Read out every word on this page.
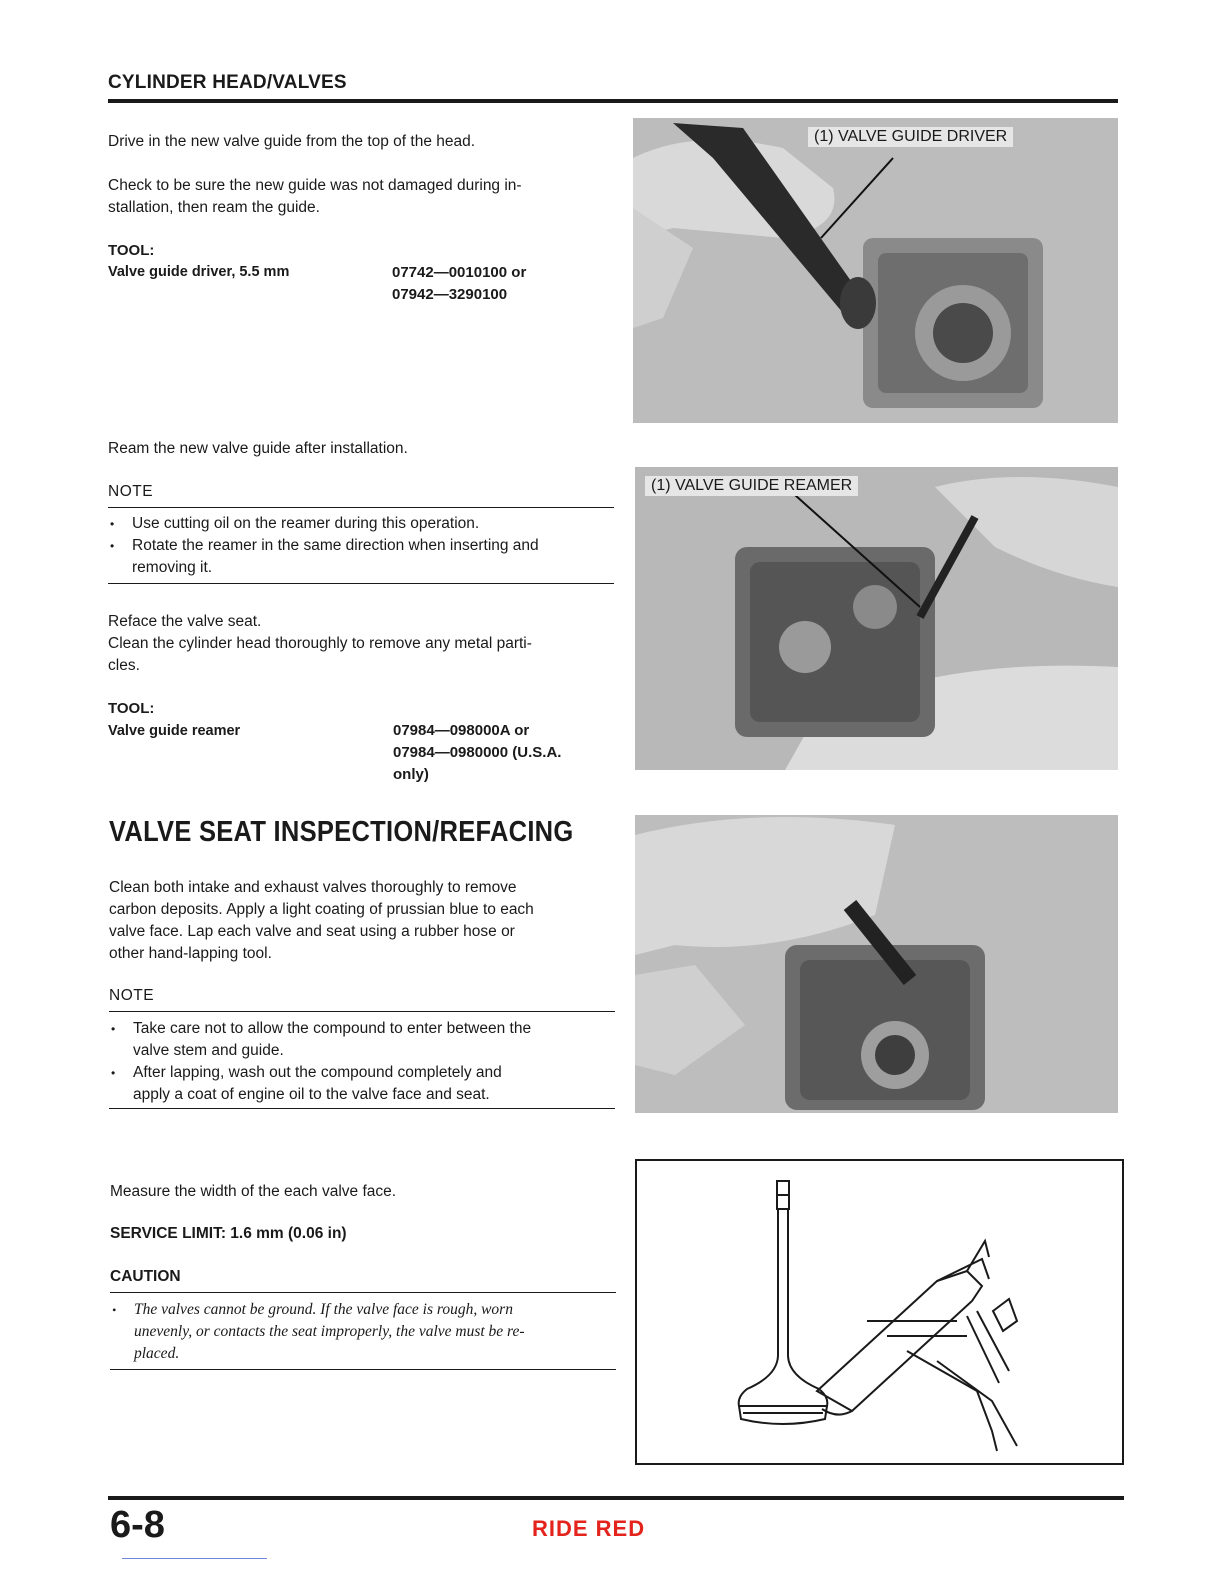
CYLINDER HEAD/VALVES
Drive in the new valve guide from the top of the head.
Check to be sure the new guide was not damaged during in-
stallation, then ream the guide.
TOOL:
Valve guide driver, 5.5 mm	07742—0010100 or
07942—3290100
Ream the new valve guide after installation.
NOTE
• Use cutting oil on the reamer during this operation.
• Rotate the reamer in the same direction when inserting and
removing it.
Reface the valve seat.
Clean the cylinder head thoroughly to remove any metal parti-
cles.
TOOL:
Valve guide reamer	07984—098000A or
07984—0980000 (U.S.A.
only)
VALVE SEAT INSPECTION/REFACING
Clean both intake and exhaust valves thoroughly to remove
carbon deposits. Apply a light coating of prussian blue to each
valve face. Lap each valve and seat using a rubber hose or
other hand-lapping tool.
NOTE
• Take care not to allow the compound to enter between the
valve stem and guide.
• After lapping, wash out the compound completely and
apply a coat of engine oil to the valve face and seat.
Measure the width of the each valve face.
SERVICE LIMIT: 1.6 mm (0.06 in)
CAUTION
• The valves cannot be ground. If the valve face is rough, worn
unevenly, or contacts the seat improperly, the valve must be re-
placed.
(1) VALVE GUIDE DRIVER
(1) VALVE GUIDE REAMER
6-8	RIDE RED
